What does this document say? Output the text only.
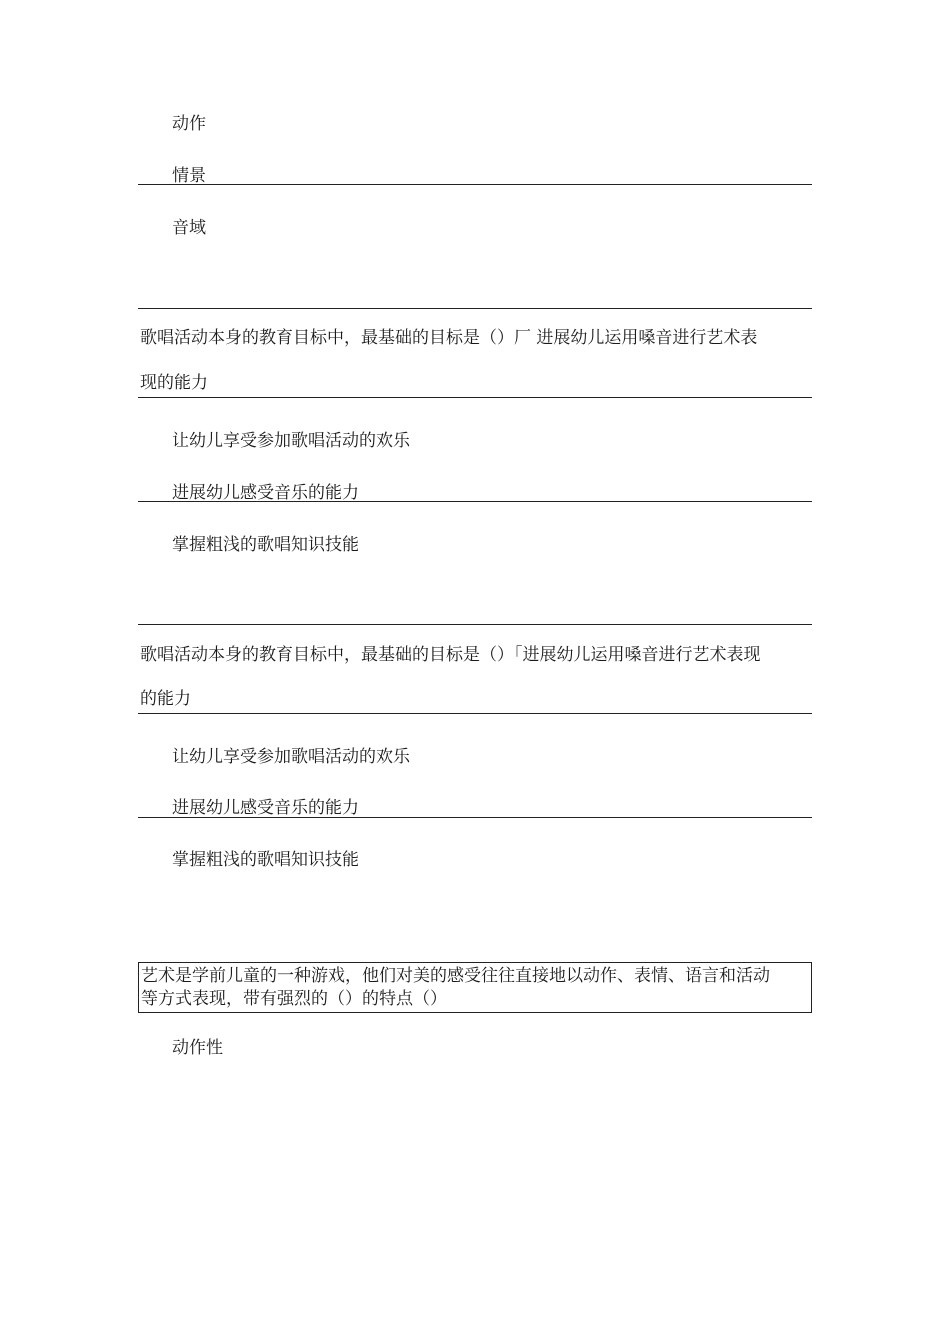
动作
情景
音域
歌唱活动本身的教育目标中，最基础的目标是（）厂 进展幼儿运用嗓音进行艺术表
现的能力
让幼儿享受参加歌唱活动的欢乐
进展幼儿感受音乐的能力
掌握粗浅的歌唱知识技能
歌唱活动本身的教育目标中，最基础的目标是（）「进展幼儿运用嗓音进行艺术表现
的能力
让幼儿享受参加歌唱活动的欢乐
进展幼儿感受音乐的能力
掌握粗浅的歌唱知识技能
艺术是学前儿童的一种游戏，他们对美的感受往往直接地以动作、表情、语言和活动
等方式表现，带有强烈的（）的特点（）
动作性
